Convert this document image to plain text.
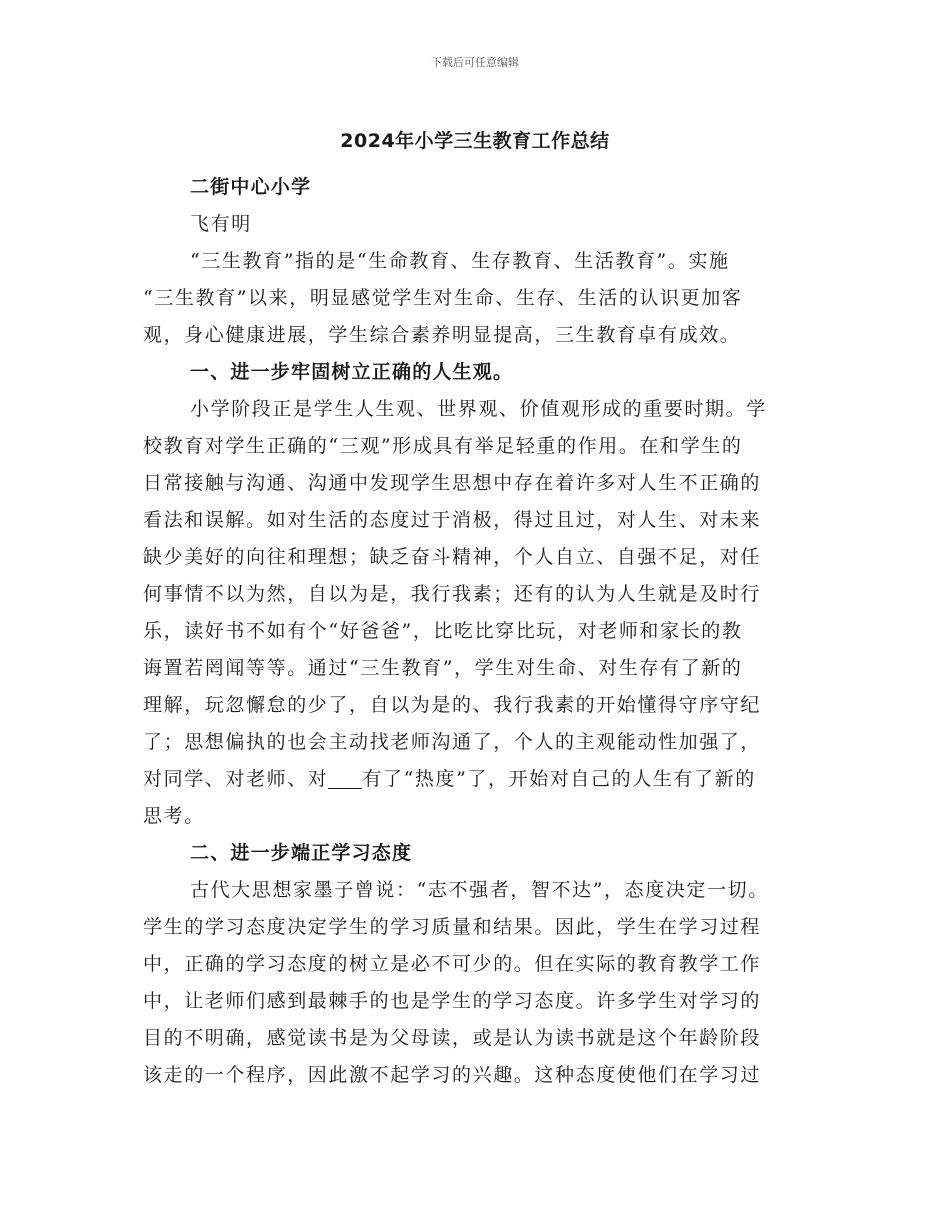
下载后可任意编辑
2024年小学三生教育工作总结
二街中心小学
飞有明
“三生教育”指的是“生命教育、生存教育、生活教育”。实施
“三生教育”以来，明显感觉学生对生命、生存、生活的认识更加客
观，身心健康进展，学生综合素养明显提高，三生教育卓有成效。
一、进一步牢固树立正确的人生观。
小学阶段正是学生人生观、世界观、价值观形成的重要时期。学
校教育对学生正确的“三观”形成具有举足轻重的作用。在和学生的
日常接触与沟通、沟通中发现学生思想中存在着许多对人生不正确的
看法和误解。如对生活的态度过于消极，得过且过，对人生、对未来
缺少美好的向往和理想；缺乏奋斗精神，个人自立、自强不足，对任
何事情不以为然，自以为是，我行我素；还有的认为人生就是及时行
乐，读好书不如有个“好爸爸”，比吃比穿比玩，对老师和家长的教
诲置若罔闻等等。通过“三生教育”，学生对生命、对生存有了新的
理解，玩忽懈怠的少了，自以为是的、我行我素的开始懂得守序守纪
了；思想偏执的也会主动找老师沟通了，个人的主观能动性加强了，
对同学、对老师、对 有了“热度”了，开始对自己的人生有了新的
思考。
二、进一步端正学习态度
古代大思想家墨子曾说：“志不强者，智不达”，态度决定一切。
学生的学习态度决定学生的学习质量和结果。因此，学生在学习过程
中，正确的学习态度的树立是必不可少的。但在实际的教育教学工作
中，让老师们感到最棘手的也是学生的学习态度。许多学生对学习的
目的不明确，感觉读书是为父母读，或是认为读书就是这个年龄阶段
该走的一个程序，因此激不起学习的兴趣。这种态度使他们在学习过
